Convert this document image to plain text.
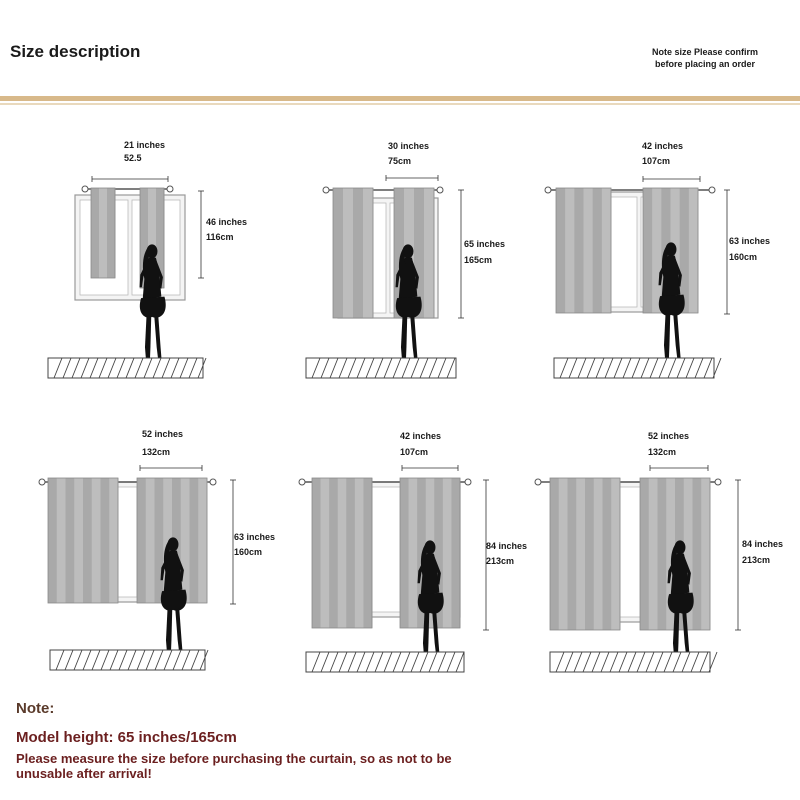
Size description	Note size Please confirm before placing an order
21 inches
52.5
46 inches
116cm
30 inches
75cm
65 inches
165cm
42 inches
107cm
63 inches
160cm
52 inches
132cm
63 inches
160cm
42 inches
107cm
84 inches
213cm
52 inches
132cm
84 inches
213cm
Note:
Model height: 65 inches/165cm
Please measure the size before purchasing the curtain, so as not to be unusable after arrival!
